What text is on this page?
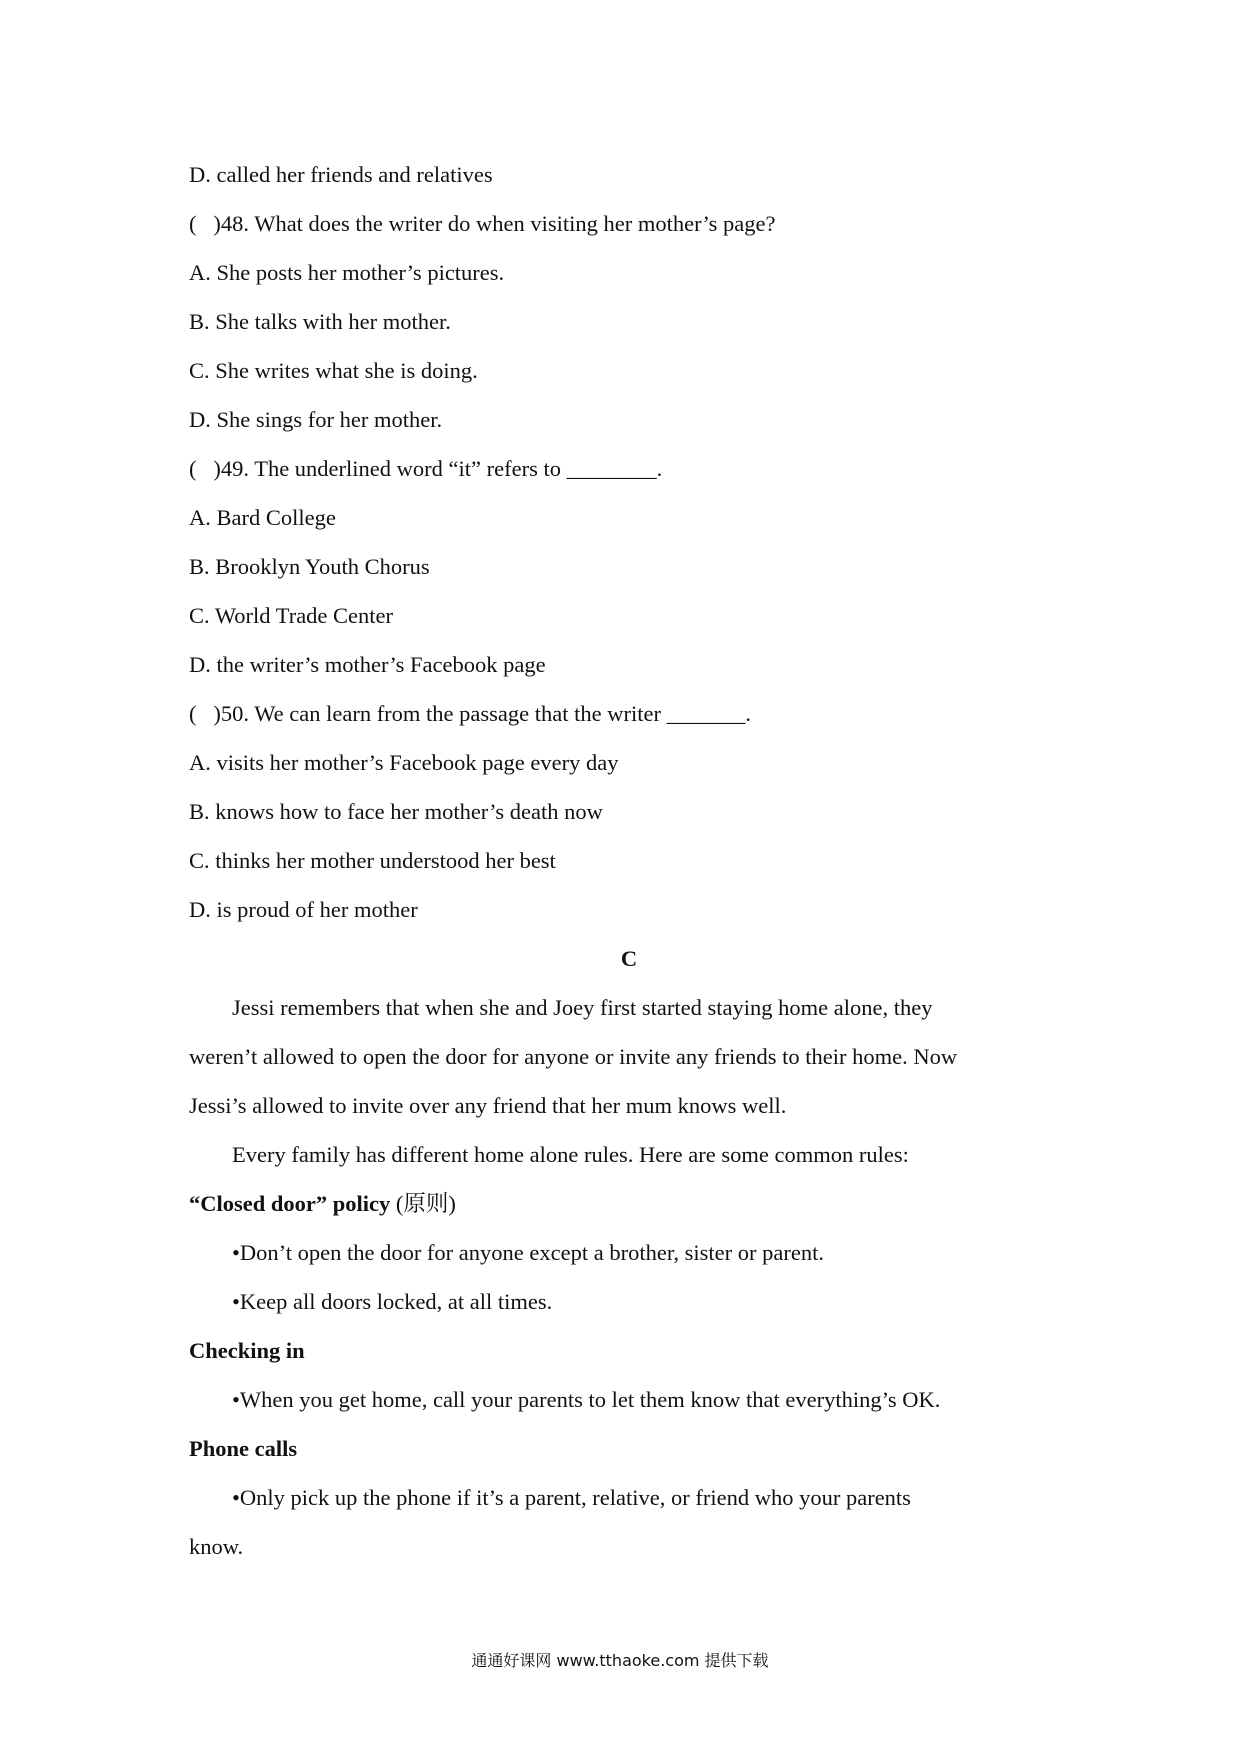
D. called her friends and relatives
(   )48. What does the writer do when visiting her mother’s page?
A. She posts her mother’s pictures.
B. She talks with her mother.
C. She writes what she is doing.
D. She sings for her mother.
(   )49. The underlined word “it” refers to ________.
A. Bard College
B. Brooklyn Youth Chorus
C. World Trade Center
D. the writer’s mother’s Facebook page
(   )50. We can learn from the passage that the writer _______.
A. visits her mother’s Facebook page every day
B. knows how to face her mother’s death now
C. thinks her mother understood her best
D. is proud of her mother
C
Jessi remembers that when she and Joey first started staying home alone, they
weren’t allowed to open the door for anyone or invite any friends to their home. Now
Jessi’s allowed to invite over any friend that her mum knows well.
Every family has different home alone rules. Here are some common rules:
“Closed door” policy (原则)
•Don’t open the door for anyone except a brother, sister or parent.
•Keep all doors locked, at all times.
Checking in
•When you get home, call your parents to let them know that everything’s OK.
Phone calls
•Only pick up the phone if it’s a parent, relative, or friend who your parents
know.
通通好课网 www.tthaoke.com 提供下载
